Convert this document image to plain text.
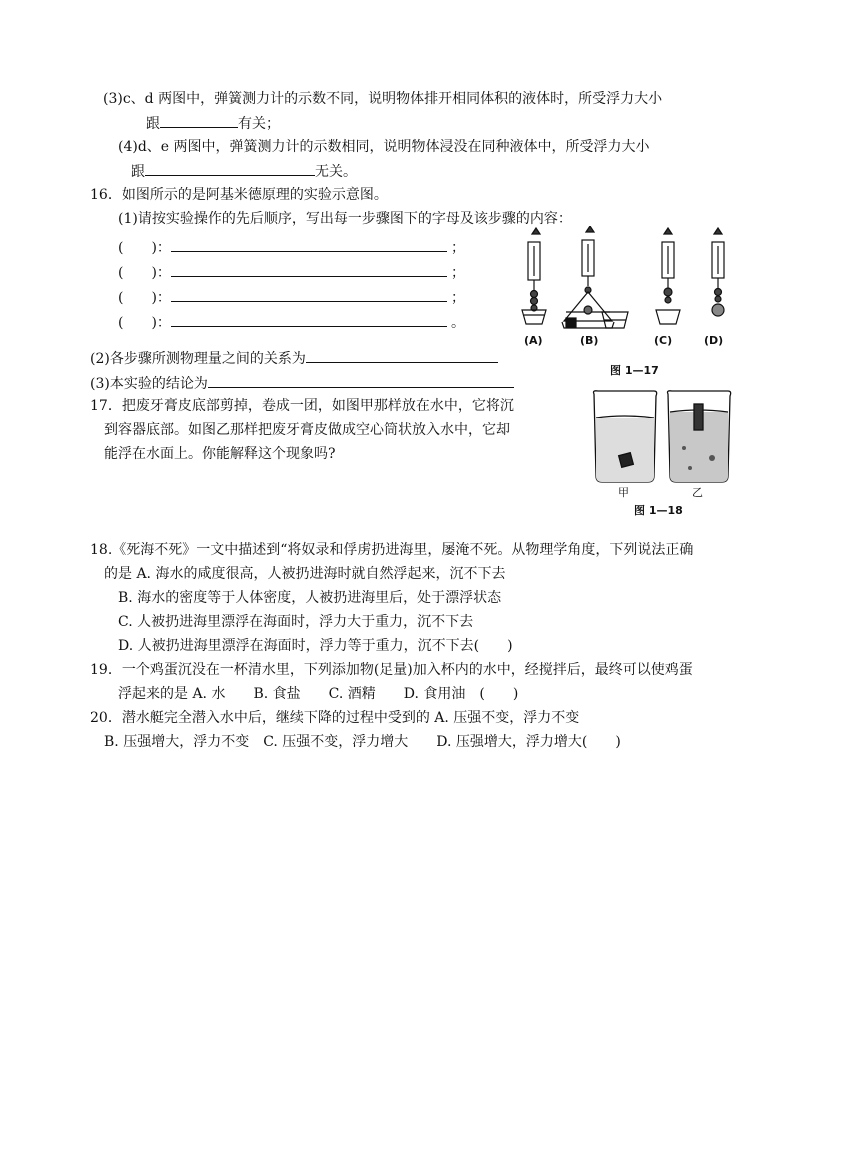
(3)c、d 两图中，弹簧测力计的示数不同，说明物体排开相同体积的液体时，所受浮力大小
跟	有关；
(4)d、e 两图中，弹簧测力计的示数相同，说明物体浸没在同种液体中，所受浮力大小
跟	无关。
16．如图所示的是阿基米德原理的实验示意图。
(1)请按实验操作的先后顺序，写出每一步骤图下的字母及该步骤的内容：
(　　)：	；
(　　)：	；
(　　)：	；
(　　)：	。
(2)各步骤所测物理量之间的关系为
(3)本实验的结论为
(A)	(B)	(C)	(D)
图 1—17
17．把废牙膏皮底部剪掉，卷成一团，如图甲那样放在水中，它将沉
到容器底部。如图乙那样把废牙膏皮做成空心筒状放入水中，它却
能浮在水面上。你能解释这个现象吗?
甲	乙
图 1—18
18.《死海不死》一文中描述到“将奴录和俘虏扔进海里，屡淹不死。从物理学角度，下列说法正确
的是 A. 海水的咸度很高，人被扔进海时就自然浮起来，沉不下去
B. 海水的密度等于人体密度，人被扔进海里后，处于漂浮状态
C. 人被扔进海里漂浮在海面时，浮力大于重力，沉不下去
D. 人被扔进海里漂浮在海面时，浮力等于重力，沉不下去(　　)
19．一个鸡蛋沉没在一杯清水里，下列添加物(足量)加入杯内的水中，经搅拌后，最终可以使鸡蛋
浮起来的是 A. 水　　B. 食盐　　C. 酒精　　D. 食用油　(　　)
20．潜水艇完全潜入水中后，继续下降的过程中受到的 A. 压强不变，浮力不变
B. 压强增大，浮力不变　C. 压强不变，浮力增大　　D. 压强增大，浮力增大(　　)
